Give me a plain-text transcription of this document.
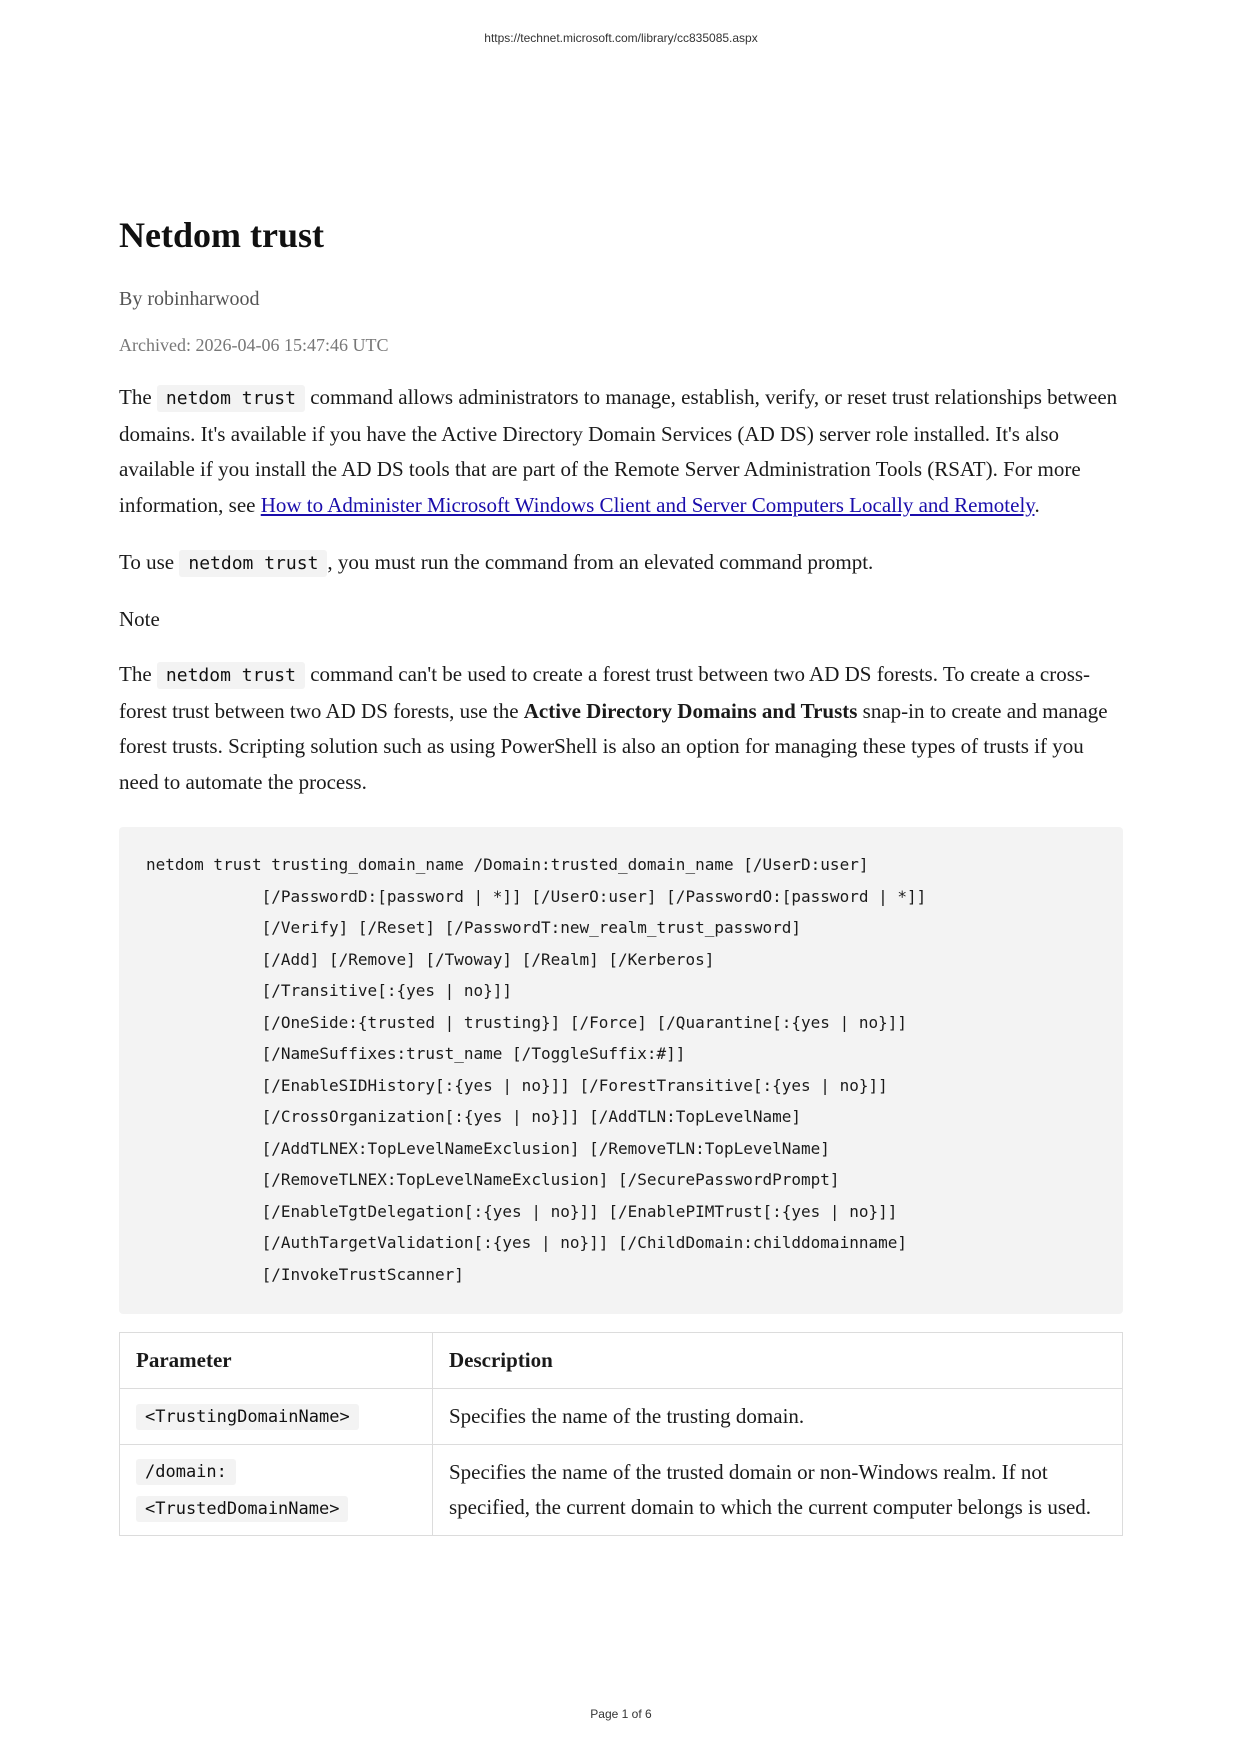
https://technet.microsoft.com/library/cc835085.aspx
Netdom trust
By robinharwood
Archived: 2026-04-06 15:47:46 UTC

The netdom trust command allows administrators to manage, establish, verify, or reset trust relationships between domains. It's available if you have the Active Directory Domain Services (AD DS) server role installed. It's also available if you install the AD DS tools that are part of the Remote Server Administration Tools (RSAT). For more information, see How to Administer Microsoft Windows Client and Server Computers Locally and Remotely.

To use netdom trust , you must run the command from an elevated command prompt.

Note

The netdom trust command can't be used to create a forest trust between two AD DS forests. To create a cross-forest trust between two AD DS forests, use the Active Directory Domains and Trusts snap-in to create and manage forest trusts. Scripting solution such as using PowerShell is also an option for managing these types of trusts if you need to automate the process.

netdom trust trusting_domain_name /Domain:trusted_domain_name [/UserD:user]
[/PasswordD:[password | *]] [/UserO:user] [/PasswordO:[password | *]]
[/Verify] [/Reset] [/PasswordT:new_realm_trust_password]
[/Add] [/Remove] [/Twoway] [/Realm] [/Kerberos]
[/Transitive[:{yes | no}]]
[/OneSide:{trusted | trusting}] [/Force] [/Quarantine[:{yes | no}]]
[/NameSuffixes:trust_name [/ToggleSuffix:#]]
[/EnableSIDHistory[:{yes | no}]] [/ForestTransitive[:{yes | no}]]
[/CrossOrganization[:{yes | no}]] [/AddTLN:TopLevelName]
[/AddTLNEX:TopLevelNameExclusion] [/RemoveTLN:TopLevelName]
[/RemoveTLNEX:TopLevelNameExclusion] [/SecurePasswordPrompt]
[/EnableTgtDelegation[:{yes | no}]] [/EnablePIMTrust[:{yes | no}]]
[/AuthTargetValidation[:{yes | no}]] [/ChildDomain:childdomainname]
[/InvokeTrustScanner]
Parameter	Description
<TrustingDomainName>	Specifies the name of the trusting domain.
/domain:
<TrustedDomainName>	Specifies the name of the trusted domain or non-Windows realm. If not specified, the current domain to which the current computer belongs is used.
Page 1 of 6
